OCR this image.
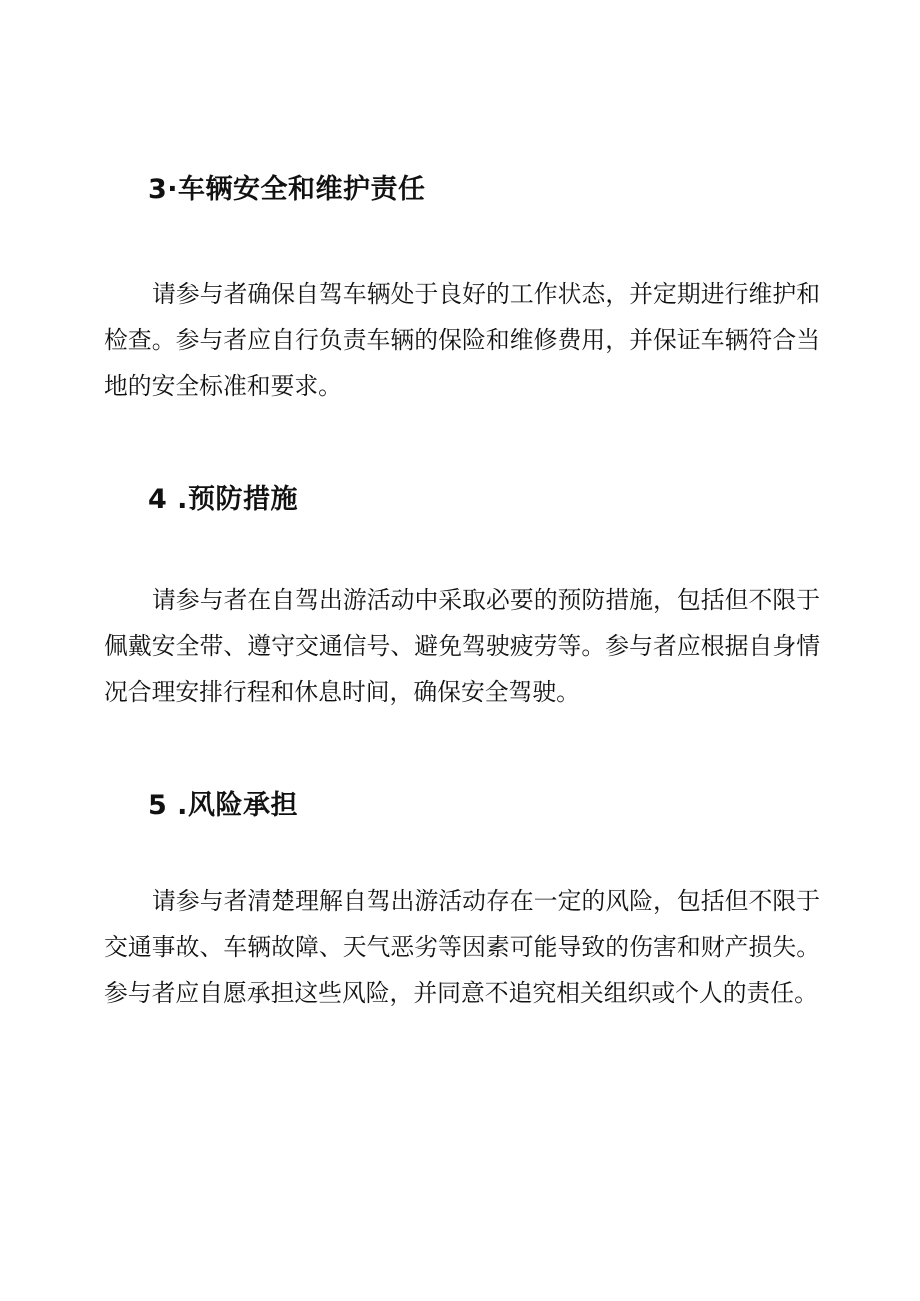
3·车辆安全和维护责任

请参与者确保自驾车辆处于良好的工作状态，并定期进行维护和检查。参与者应自行负责车辆的保险和维修费用，并保证车辆符合当地的安全标准和要求。

4 .预防措施

请参与者在自驾出游活动中采取必要的预防措施，包括但不限于佩戴安全带、遵守交通信号、避免驾驶疲劳等。参与者应根据自身情况合理安排行程和休息时间，确保安全驾驶。

5 .风险承担

请参与者清楚理解自驾出游活动存在一定的风险，包括但不限于交通事故、车辆故障、天气恶劣等因素可能导致的伤害和财产损失。参与者应自愿承担这些风险，并同意不追究相关组织或个人的责任。
